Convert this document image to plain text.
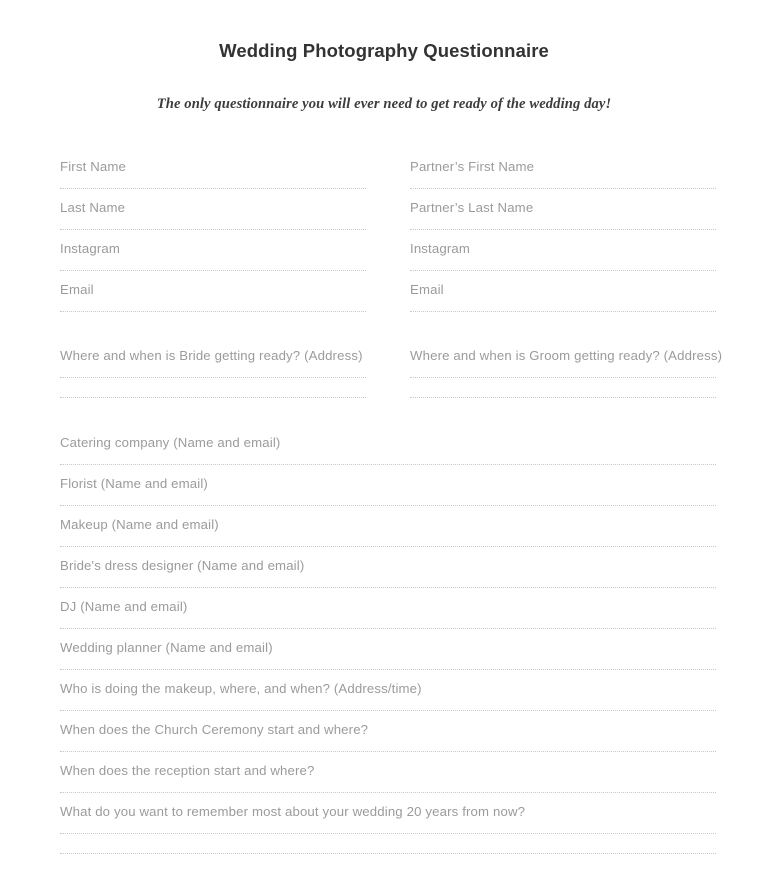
Wedding Photography Questionnaire

The only questionnaire you will ever need to get ready of the wedding day!

First Name
Last Name
Instagram
Email
Partner’s First Name
Partner’s Last Name
Instagram
Email
Where and when is Bride getting ready? (Address)	Where and when is Groom getting ready? (Address)
Catering company (Name and email)
Florist (Name and email)
Makeup (Name and email)
Bride's dress designer (Name and email)
DJ (Name and email)
Wedding planner (Name and email)
Who is doing the makeup, where, and when? (Address/time)
When does the Church Ceremony start and where?
When does the reception start and where?
What do you want to remember most about your wedding 20 years from now?
